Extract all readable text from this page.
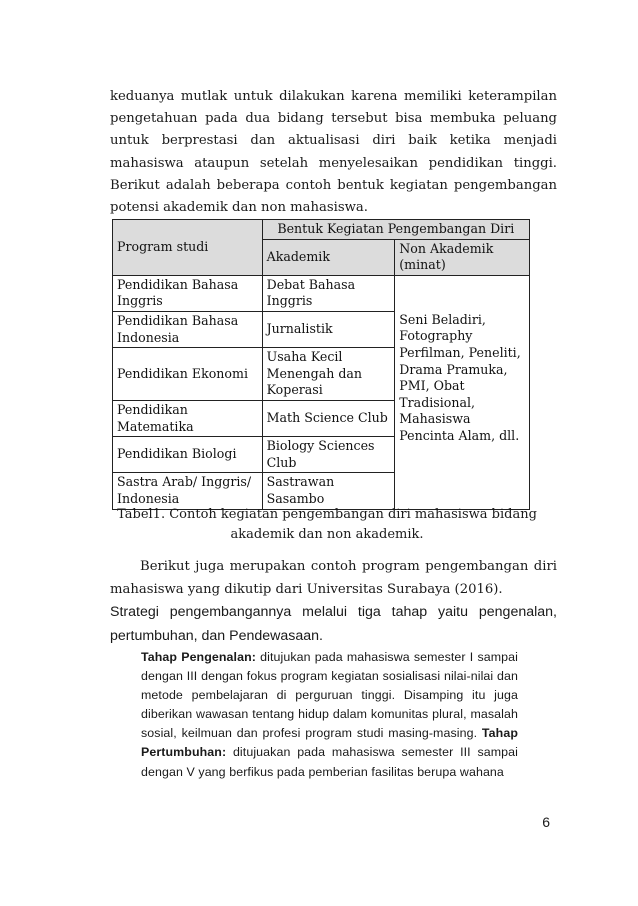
keduanya mutlak untuk dilakukan karena memiliki keterampilan pengetahuan pada dua bidang tersebut bisa membuka peluang untuk berprestasi dan aktualisasi diri baik ketika menjadi mahasiswa ataupun setelah menyelesaikan pendidikan tinggi. Berikut adalah beberapa contoh bentuk kegiatan pengembangan potensi akademik dan non mahasiswa.

Program studi	Bentuk Kegiatan Pengembangan Diri	
	Akademik	Non Akademik (minat)
Pendidikan Bahasa Inggris	Debat Bahasa Inggris	Seni Beladiri, Fotography Perfilman, Peneliti, Drama Pramuka, PMI, Obat Tradisional, Mahasiswa Pencinta Alam, dll.
Pendidikan Bahasa Indonesia	Jurnalistik	
Pendidikan Ekonomi	Usaha Kecil Menengah dan Koperasi	
Pendidikan Matematika	Math Science Club	
Pendidikan Biologi	Biology Sciences Club	
Sastra Arab/ Inggris/ Indonesia	Sastrawan Sasambo	
Tabel1. Contoh kegiatan pengembangan diri mahasiswa bidang
akademik dan non akademik.

Berikut juga merupakan contoh program pengembangan diri mahasiswa yang dikutip dari Universitas Surabaya (2016).

Strategi pengembangannya melalui tiga tahap yaitu pengenalan, pertumbuhan, dan Pendewasaan.

Tahap Pengenalan: ditujukan pada mahasiswa semester I sampai dengan III dengan fokus program kegiatan sosialisasi nilai-nilai dan metode pembelajaran di perguruan tinggi. Disamping itu juga diberikan wawasan tentang hidup dalam komunitas plural, masalah sosial, keilmuan dan profesi program studi masing-masing. Tahap Pertumbuhan: ditujuakan pada mahasiswa semester III sampai dengan V yang berfikus pada pemberian fasilitas berupa wahana

6
